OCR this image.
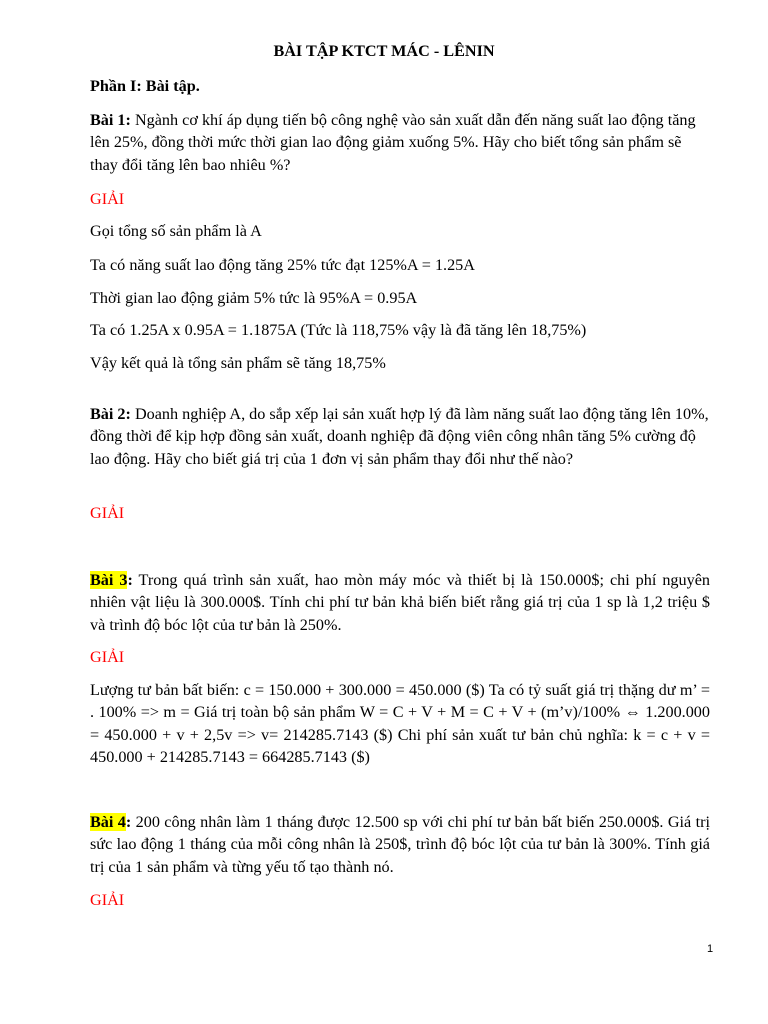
BÀI TẬP KTCT MÁC - LÊNIN

Phần I: Bài tập.

Bài 1: Ngành cơ khí áp dụng tiến bộ công nghệ vào sản xuất dẫn đến năng suất lao động tăng lên 25%, đồng thời mức thời gian lao động giảm xuống 5%. Hãy cho biết tổng sản phẩm sẽ thay đổi tăng lên bao nhiêu %?

GIẢI

Gọi tổng số sản phẩm là A

Ta có năng suất lao động tăng 25% tức đạt 125%A = 1.25A

Thời gian lao động giảm 5% tức là 95%A = 0.95A

Ta có 1.25A x 0.95A = 1.1875A (Tức là 118,75% vậy là đã tăng lên 18,75%)

Vậy kết quả là tổng sản phẩm sẽ tăng 18,75%

Bài 2: Doanh nghiệp A, do sắp xếp lại sản xuất hợp lý đã làm năng suất lao động tăng lên 10%, đồng thời để kịp hợp đồng sản xuất, doanh nghiệp đã động viên công nhân tăng 5% cường độ lao động. Hãy cho biết giá trị của 1 đơn vị sản phẩm thay đổi như thế nào?

GIẢI

Bài 3: Trong quá trình sản xuất, hao mòn máy móc và thiết bị là 150.000$; chi phí nguyên nhiên vật liệu là 300.000$. Tính chi phí tư bản khả biến biết rằng giá trị của 1 sp là 1,2 triệu $ và trình độ bóc lột của tư bản là 250%.

GIẢI

Lượng tư bản bất biến: c = 150.000 + 300.000 = 450.000 ($) Ta có tỷ suất giá trị thặng dư m’ = . 100% => m = Giá trị toàn bộ sản phẩm W = C + V + M = C + V + (m’v)/100% ⇔ 1.200.000 = 450.000 + v + 2,5v => v= 214285.7143 ($) Chi phí sản xuất tư bản chủ nghĩa: k = c + v = 450.000 + 214285.7143 = 664285.7143 ($)

Bài 4: 200 công nhân làm 1 tháng được 12.500 sp với chi phí tư bản bất biến 250.000$. Giá trị sức lao động 1 tháng của mỗi công nhân là 250$, trình độ bóc lột của tư bản là 300%. Tính giá trị của 1 sản phẩm và từng yếu tố tạo thành nó.

GIẢI

1
